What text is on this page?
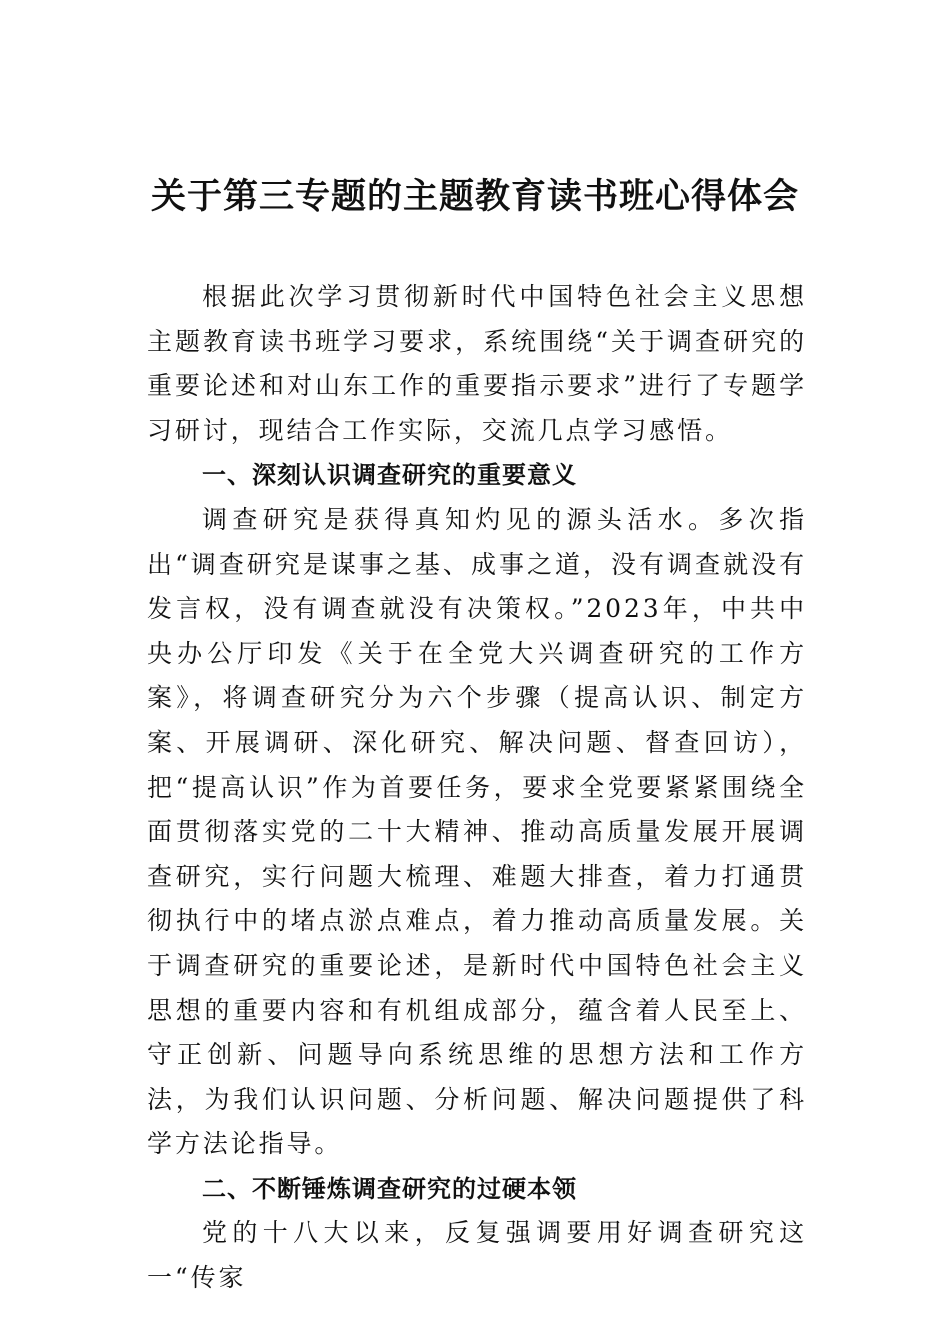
关于第三专题的主题教育读书班心得体会

根据此次学习贯彻新时代中国特色社会主义思想主题教育读书班学习要求，系统围绕“关于调查研究的重要论述和对山东工作的重要指示要求”进行了专题学习研讨，现结合工作实际，交流几点学习感悟。

一、深刻认识调查研究的重要意义

调查研究是获得真知灼见的源头活水。多次指出“调查研究是谋事之基、成事之道，没有调查就没有发言权，没有调查就没有决策权。”2023年，中共中央办公厅印发《关于在全党大兴调查研究的工作方案》，将调查研究分为六个步骤（提高认识、制定方案、开展调研、深化研究、解决问题、督查回访），把“提高认识”作为首要任务，要求全党要紧紧围绕全面贯彻落实党的二十大精神、推动高质量发展开展调查研究，实行问题大梳理、难题大排查，着力打通贯彻执行中的堵点淤点难点，着力推动高质量发展。关于调查研究的重要论述，是新时代中国特色社会主义思想的重要内容和有机组成部分，蕴含着人民至上、守正创新、问题导向系统思维的思想方法和工作方法，为我们认识问题、分析问题、解决问题提供了科学方法论指导。

二、不断锤炼调查研究的过硬本领

党的十八大以来，反复强调要用好调查研究这一“传家
